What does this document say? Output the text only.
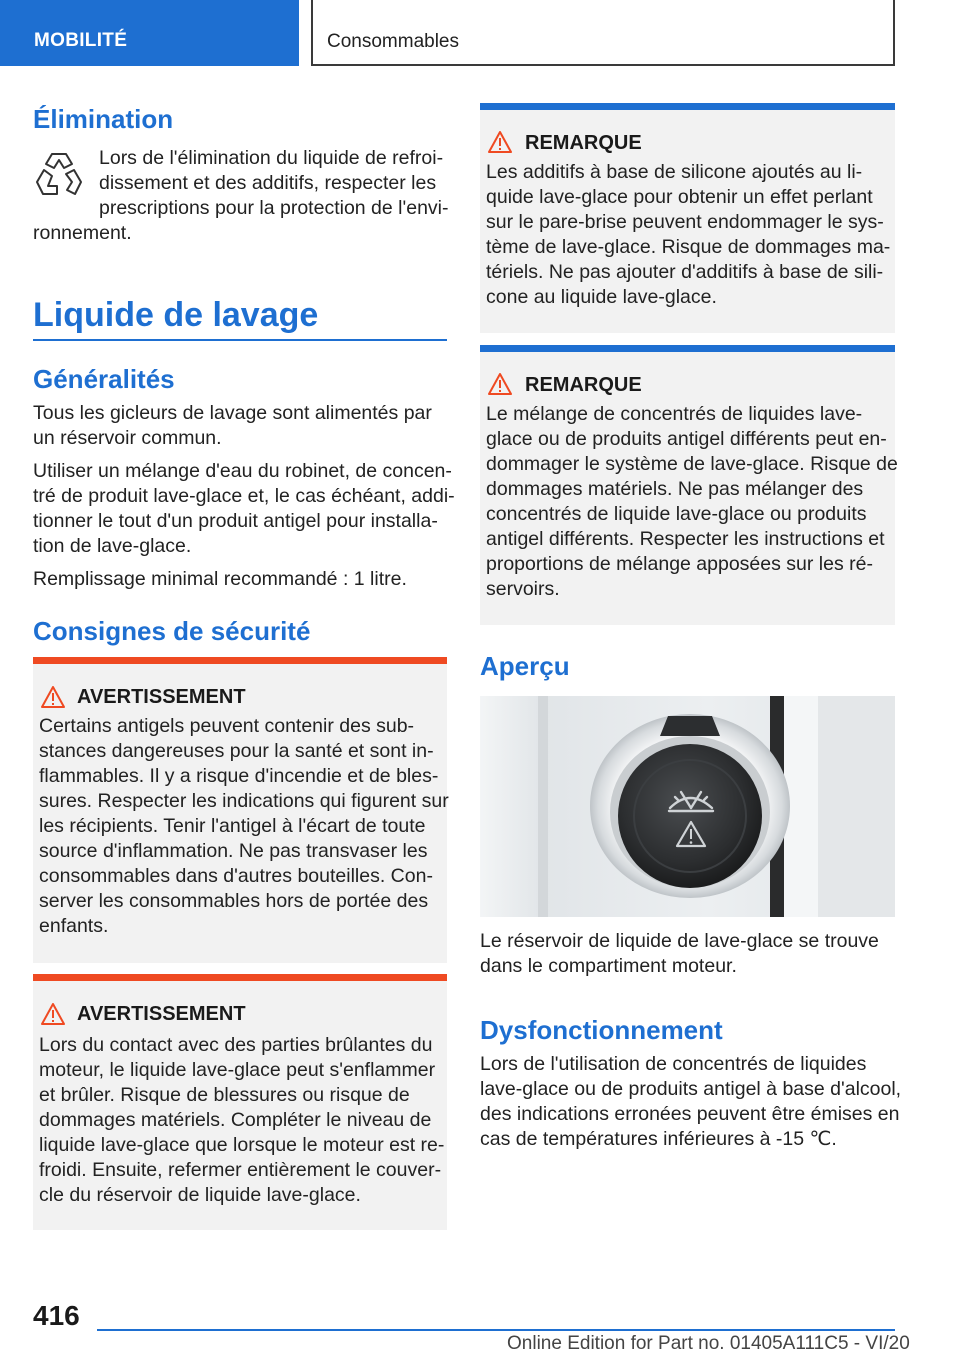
MOBILITÉ	Consommables
Élimination
Lors de l'élimination du liquide de refroi-
dissement et des additifs, respecter les
prescriptions pour la protection de l'envi-
ronnement.
Liquide de lavage
Généralités
Tous les gicleurs de lavage sont alimentés par
un réservoir commun.
Utiliser un mélange d'eau du robinet, de concen-
tré de produit lave-glace et, le cas échéant, addi-
tionner le tout d'un produit antigel pour installa-
tion de lave-glace.
Remplissage minimal recommandé : 1 litre.
Consignes de sécurité
AVERTISSEMENT
Certains antigels peuvent contenir des sub-
stances dangereuses pour la santé et sont in-
flammables. Il y a risque d'incendie et de bles-
sures. Respecter les indications qui figurent sur
les récipients. Tenir l'antigel à l'écart de toute
source d'inflammation. Ne pas transvaser les
consommables dans d'autres bouteilles. Con-
server les consommables hors de portée des
enfants.
AVERTISSEMENT
Lors du contact avec des parties brûlantes du
moteur, le liquide lave-glace peut s'enflammer
et brûler. Risque de blessures ou risque de
dommages matériels. Compléter le niveau de
liquide lave-glace que lorsque le moteur est re-
froidi. Ensuite, refermer entièrement le couver-
cle du réservoir de liquide lave-glace.
REMARQUE
Les additifs à base de silicone ajoutés au li-
quide lave-glace pour obtenir un effet perlant
sur le pare-brise peuvent endommager le sys-
tème de lave-glace. Risque de dommages ma-
tériels. Ne pas ajouter d'additifs à base de sili-
cone au liquide lave-glace.
REMARQUE
Le mélange de concentrés de liquides lave-
glace ou de produits antigel différents peut en-
dommager le système de lave-glace. Risque de
dommages matériels. Ne pas mélanger des
concentrés de liquide lave-glace ou produits
antigel différents. Respecter les instructions et
proportions de mélange apposées sur les ré-
servoirs.
Aperçu
Le réservoir de liquide de lave-glace se trouve
dans le compartiment moteur.
Dysfonctionnement
Lors de l'utilisation de concentrés de liquides
lave-glace ou de produits antigel à base d'alcool,
des indications erronées peuvent être émises en
cas de températures inférieures à -15 ℃.
416
Online Edition for Part no. 01405A111C5 - VI/20
